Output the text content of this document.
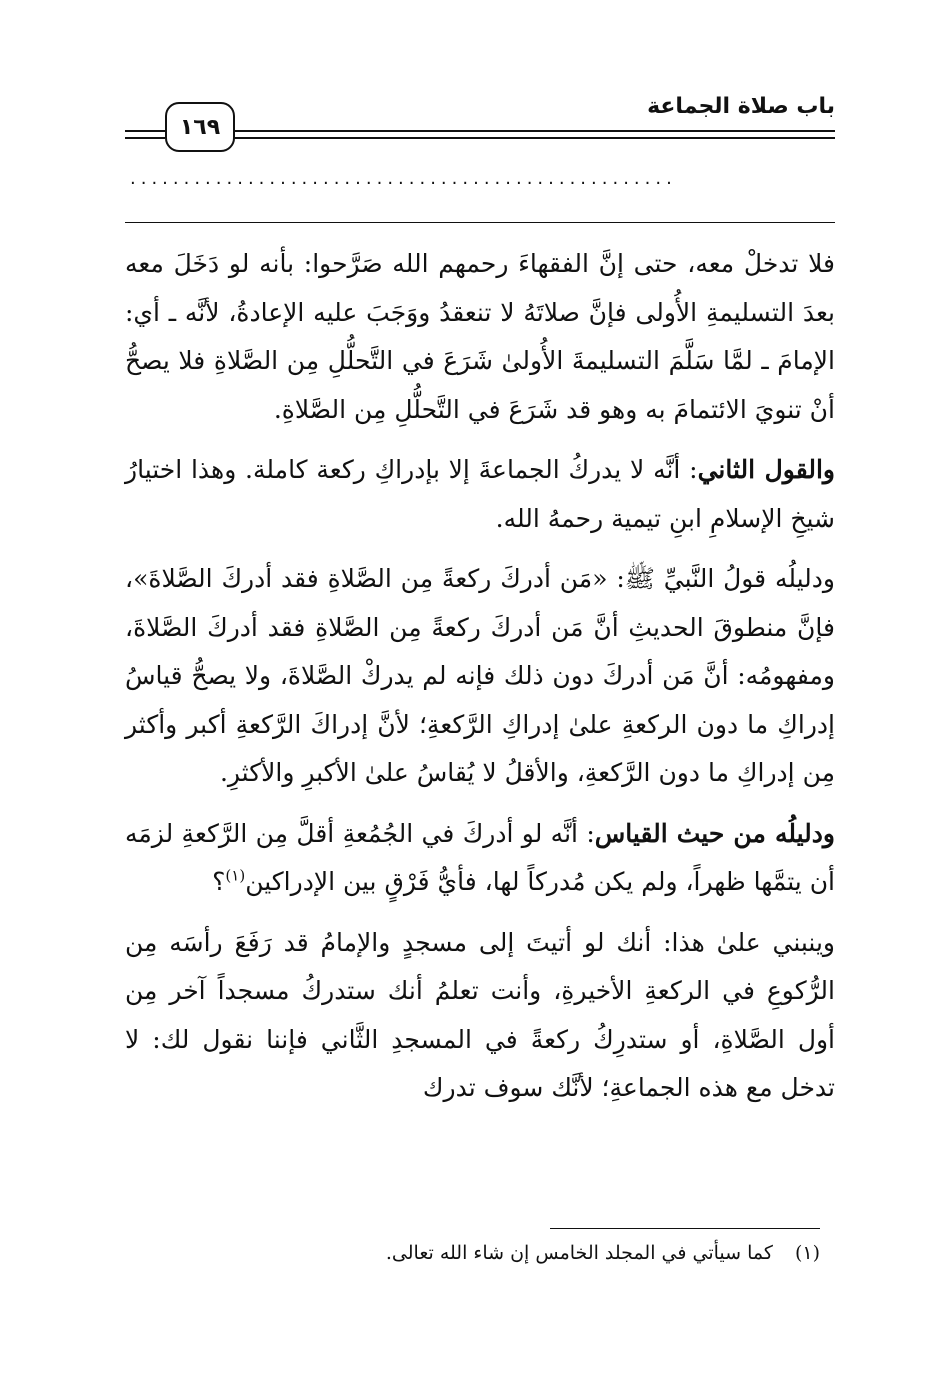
باب صلاة الجماعة
١٦٩
...................................................

فلا تدخلْ معه، حتى إنَّ الفقهاءَ رحمهم الله صَرَّحوا: بأنه لو دَخَلَ معه بعدَ التسليمةِ الأُولى فإنَّ صلاتَهُ لا تنعقدُ ووَجَبَ عليه الإعادةُ، لأنَّه ـ أي: الإمامَ ـ لمَّا سَلَّمَ التسليمةَ الأُولىٰ شَرَعَ في التَّحلُّلِ مِن الصَّلاةِ فلا يصحُّ أنْ تنويَ الائتمامَ به وهو قد شَرَعَ في التَّحلُّلِ مِن الصَّلاةِ.

والقول الثاني: أنَّه لا يدركُ الجماعةَ إلا بإدراكِ ركعة كاملة. وهذا اختيارُ شيخِ الإسلامِ ابنِ تيمية رحمهُ الله.

ودليلُه قولُ النَّبيِّ ﷺ: «مَن أدركَ ركعةً مِن الصَّلاةِ فقد أدركَ الصَّلاةَ»، فإنَّ منطوقَ الحديثِ أنَّ مَن أدركَ ركعةً مِن الصَّلاةِ فقد أدركَ الصَّلاةَ، ومفهومُه: أنَّ مَن أدركَ دون ذلك فإنه لم يدركْ الصَّلاةَ، ولا يصحُّ قياسُ إدراكِ ما دون الركعةِ علىٰ إدراكِ الرَّكعةِ؛ لأنَّ إدراكَ الرَّكعةِ أكبر وأكثر مِن إدراكِ ما دون الرَّكعةِ، والأقلُ لا يُقاسُ علىٰ الأكبرِ والأكثرِ.

ودليلُه من حيث القياس: أنَّه لو أدركَ في الجُمُعةِ أقلَّ مِن الرَّكعةِ لزمَه أن يتمَّها ظهراً، ولم يكن مُدركاً لها، فأيُّ فَرْقٍ بين الإدراكين$^{(١)}$؟

وينبني علىٰ هذا: أنك لو أتيتَ إلى مسجدٍ والإمامُ قد رَفَعَ رأسَه مِن الرُّكوعِ في الركعةِ الأخيرةِ، وأنت تعلمُ أنك ستدركُ مسجداً آخر مِن أول الصَّلاةِ، أو ستدرِكُ ركعةً في المسجدِ الثَّاني فإننا نقول لك: لا تدخل مع هذه الجماعةِ؛ لأنَّك سوف تدرك

(١)كما سيأتي في المجلد الخامس إن شاء الله تعالى.
